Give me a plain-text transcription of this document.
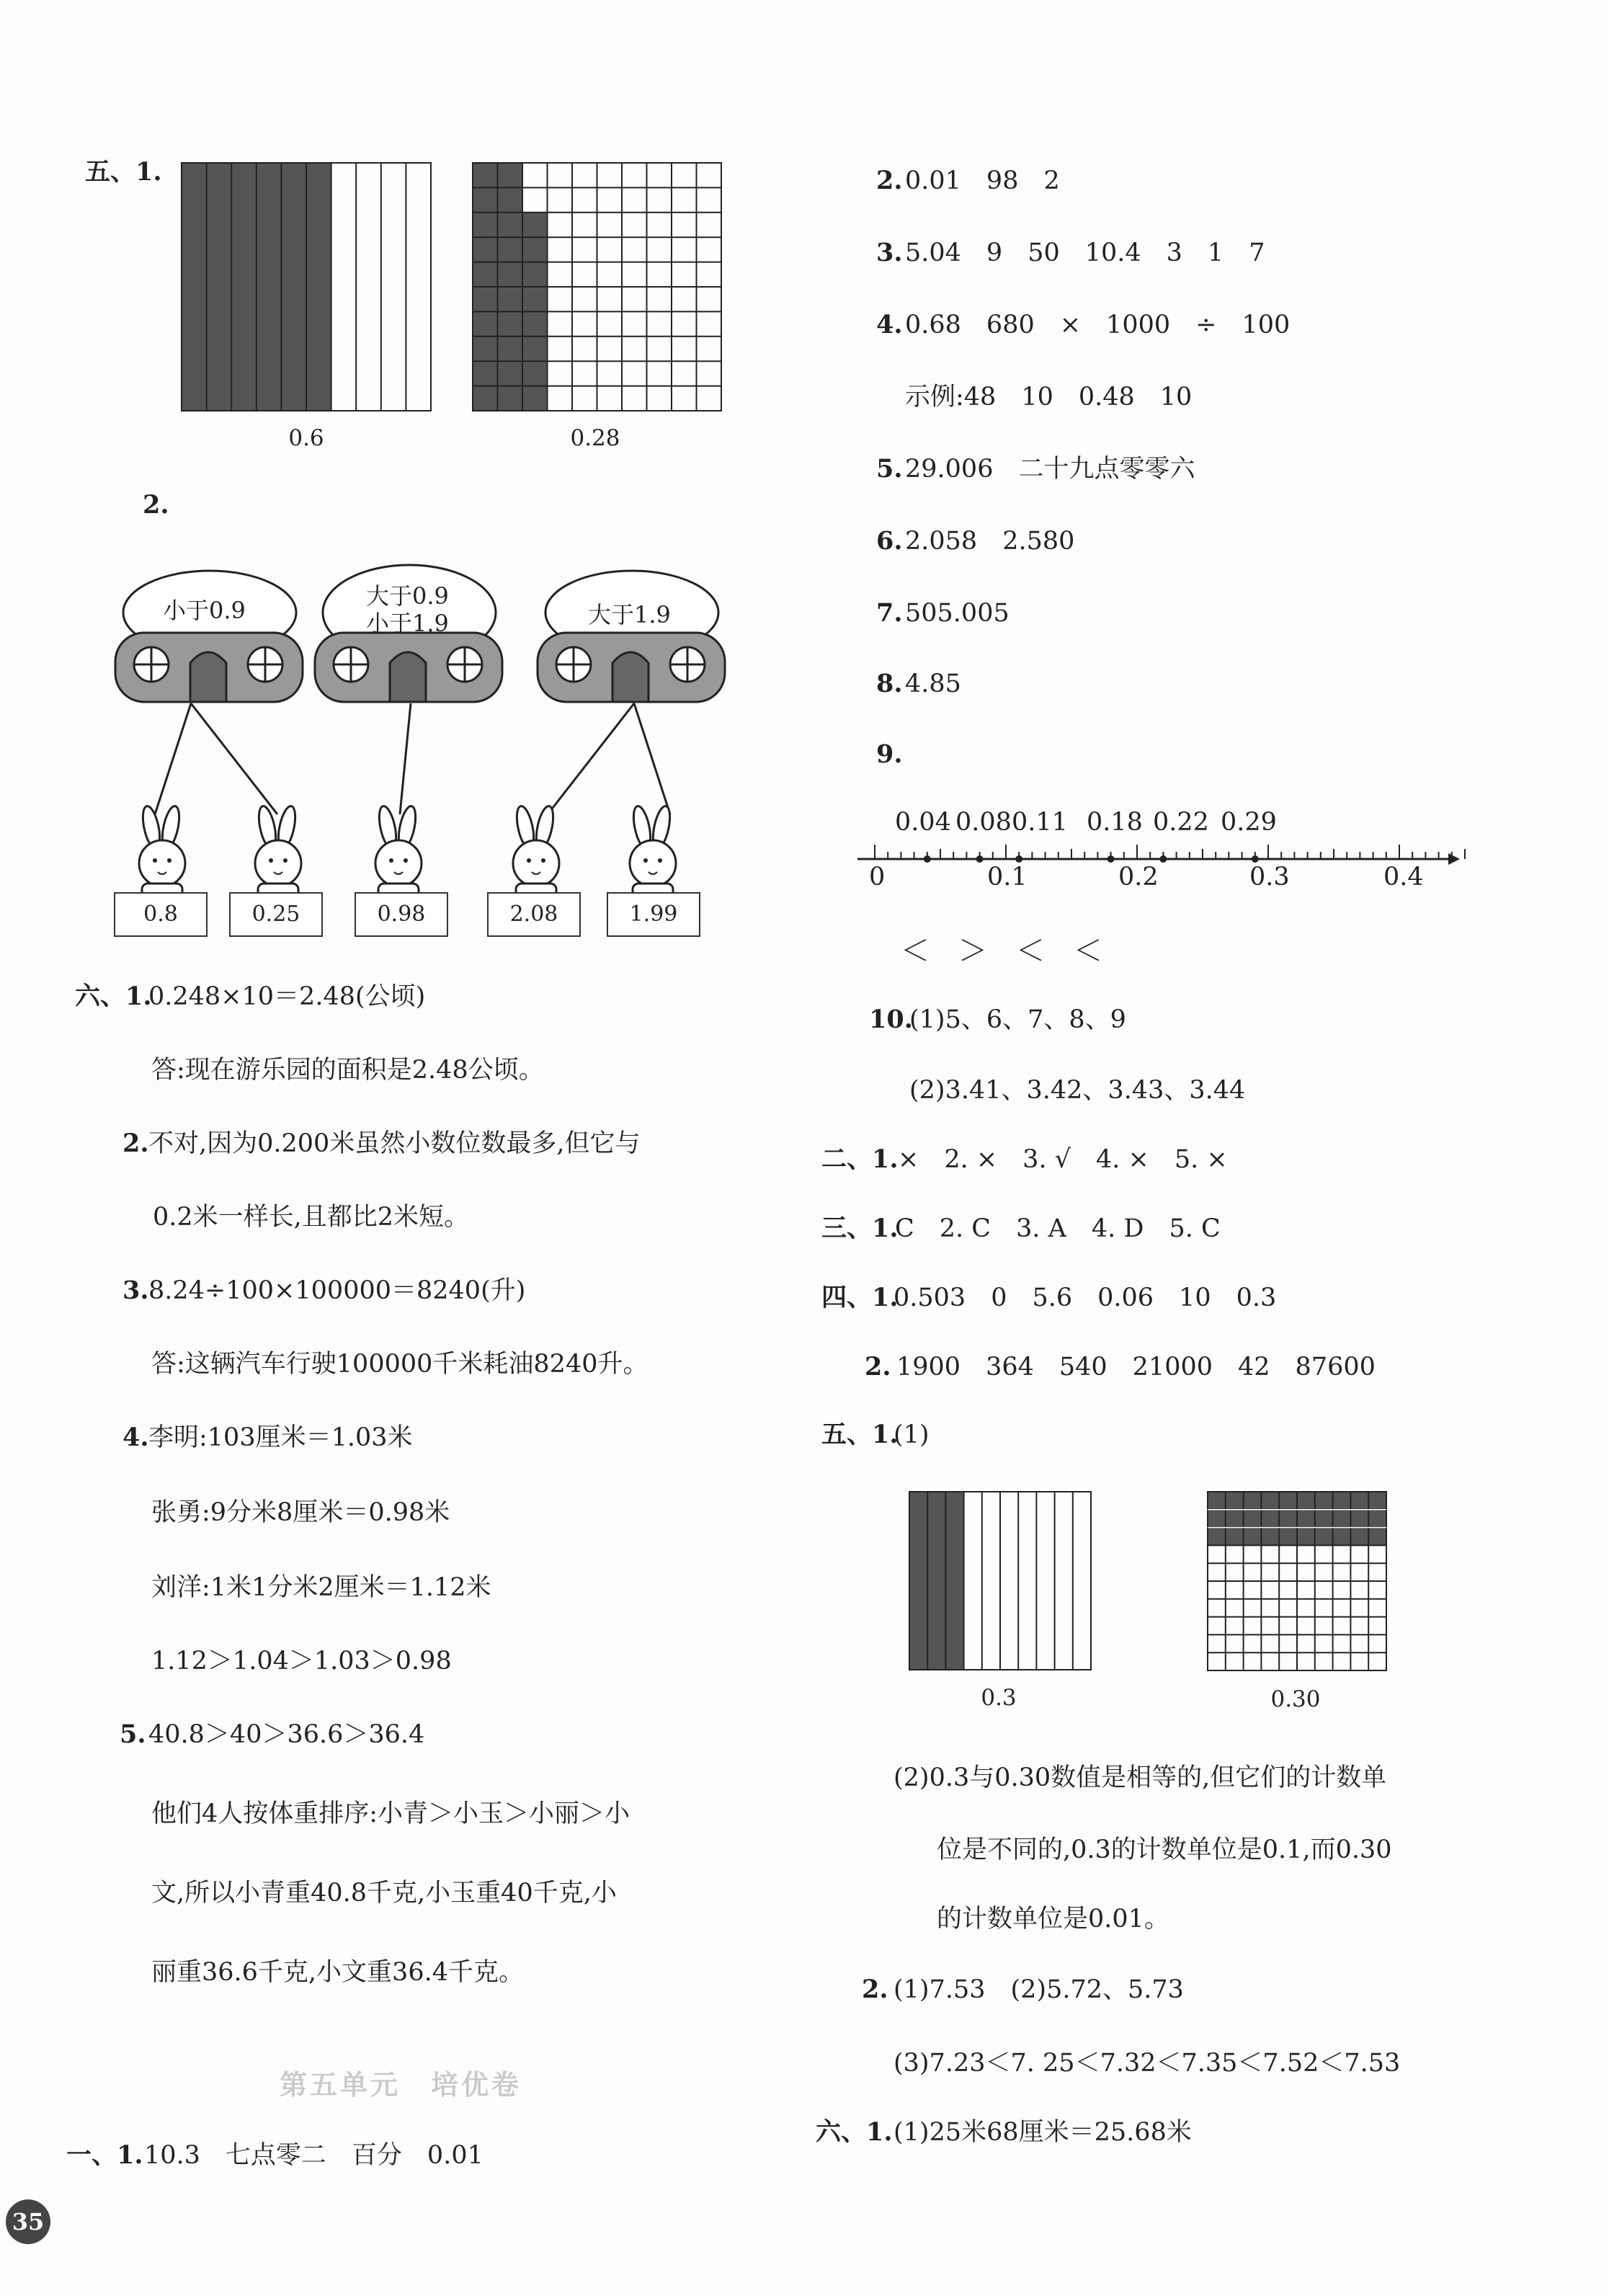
五、1.
0.6	0.28
2.
小于0.9
大于0.9
小于1.9	大于1.9
0.8	0.25	0.98	2.08	1.99
六、1.
0.248×10＝2.48(公顷)
答:现在游乐园的面积是2.48公顷。
2. 不对,因为0.200米虽然小数位数最多,但它与
0.2米一样长,且都比2米短。
3. 8.24÷100×100000＝8240(升)
答:这辆汽车行驶100000千米耗油8240升。
4. 李明:103厘米＝1.03米
张勇:9分米8厘米＝0.98米
刘洋:1米1分米2厘米＝1.12米
1.12＞1.04＞1.03＞0.98
5. 40.8＞40＞36.6＞36.4
他们4人按体重排序:小青＞小玉＞小丽＞小
文,所以小青重40.8千克,小玉重40千克,小
丽重36.6千克,小文重36.4千克。
第五单元　培优卷
一、1. 10.3　七点零二　百分　0.01
35
2. 0.01　98　2
3. 5.04　9　50　10.4　3　1　7
4. 0.68　680　×　1000　÷　100
示例:48　10　0.48　10
5. 29.006　二十九点零零六
6. 2.058　2.580
7. 505.005
8. 4.85
9.
0.04 0.08 0.11 0.18 0.22 0.29
0	0.1	0.2	0.3	0.4
＜　＞　＜　＜
10.
(1)5、6、7、8、9
(2)3.41、3.42、3.43、3.44
二、1. ×　2. ×　3. √　4. ×　5. ×
三、1.
C　2. C　3. A　4. D　5. C
四、1.
0.503　0　5.6　0.06　10　0.3
2. 1900　364　540　21000　42　87600
五、1.
(1)
0.3	0.30
(2)0.3与0.30数值是相等的,但它们的计数单
位是不同的,0.3的计数单位是0.1,而0.30
的计数单位是0.01。
2. (1)7.53　(2)5.72、5.73
(3)7.23＜7. 25＜7.32＜7.35＜7.52＜7.53
六、1. (1)25米68厘米＝25.68米
